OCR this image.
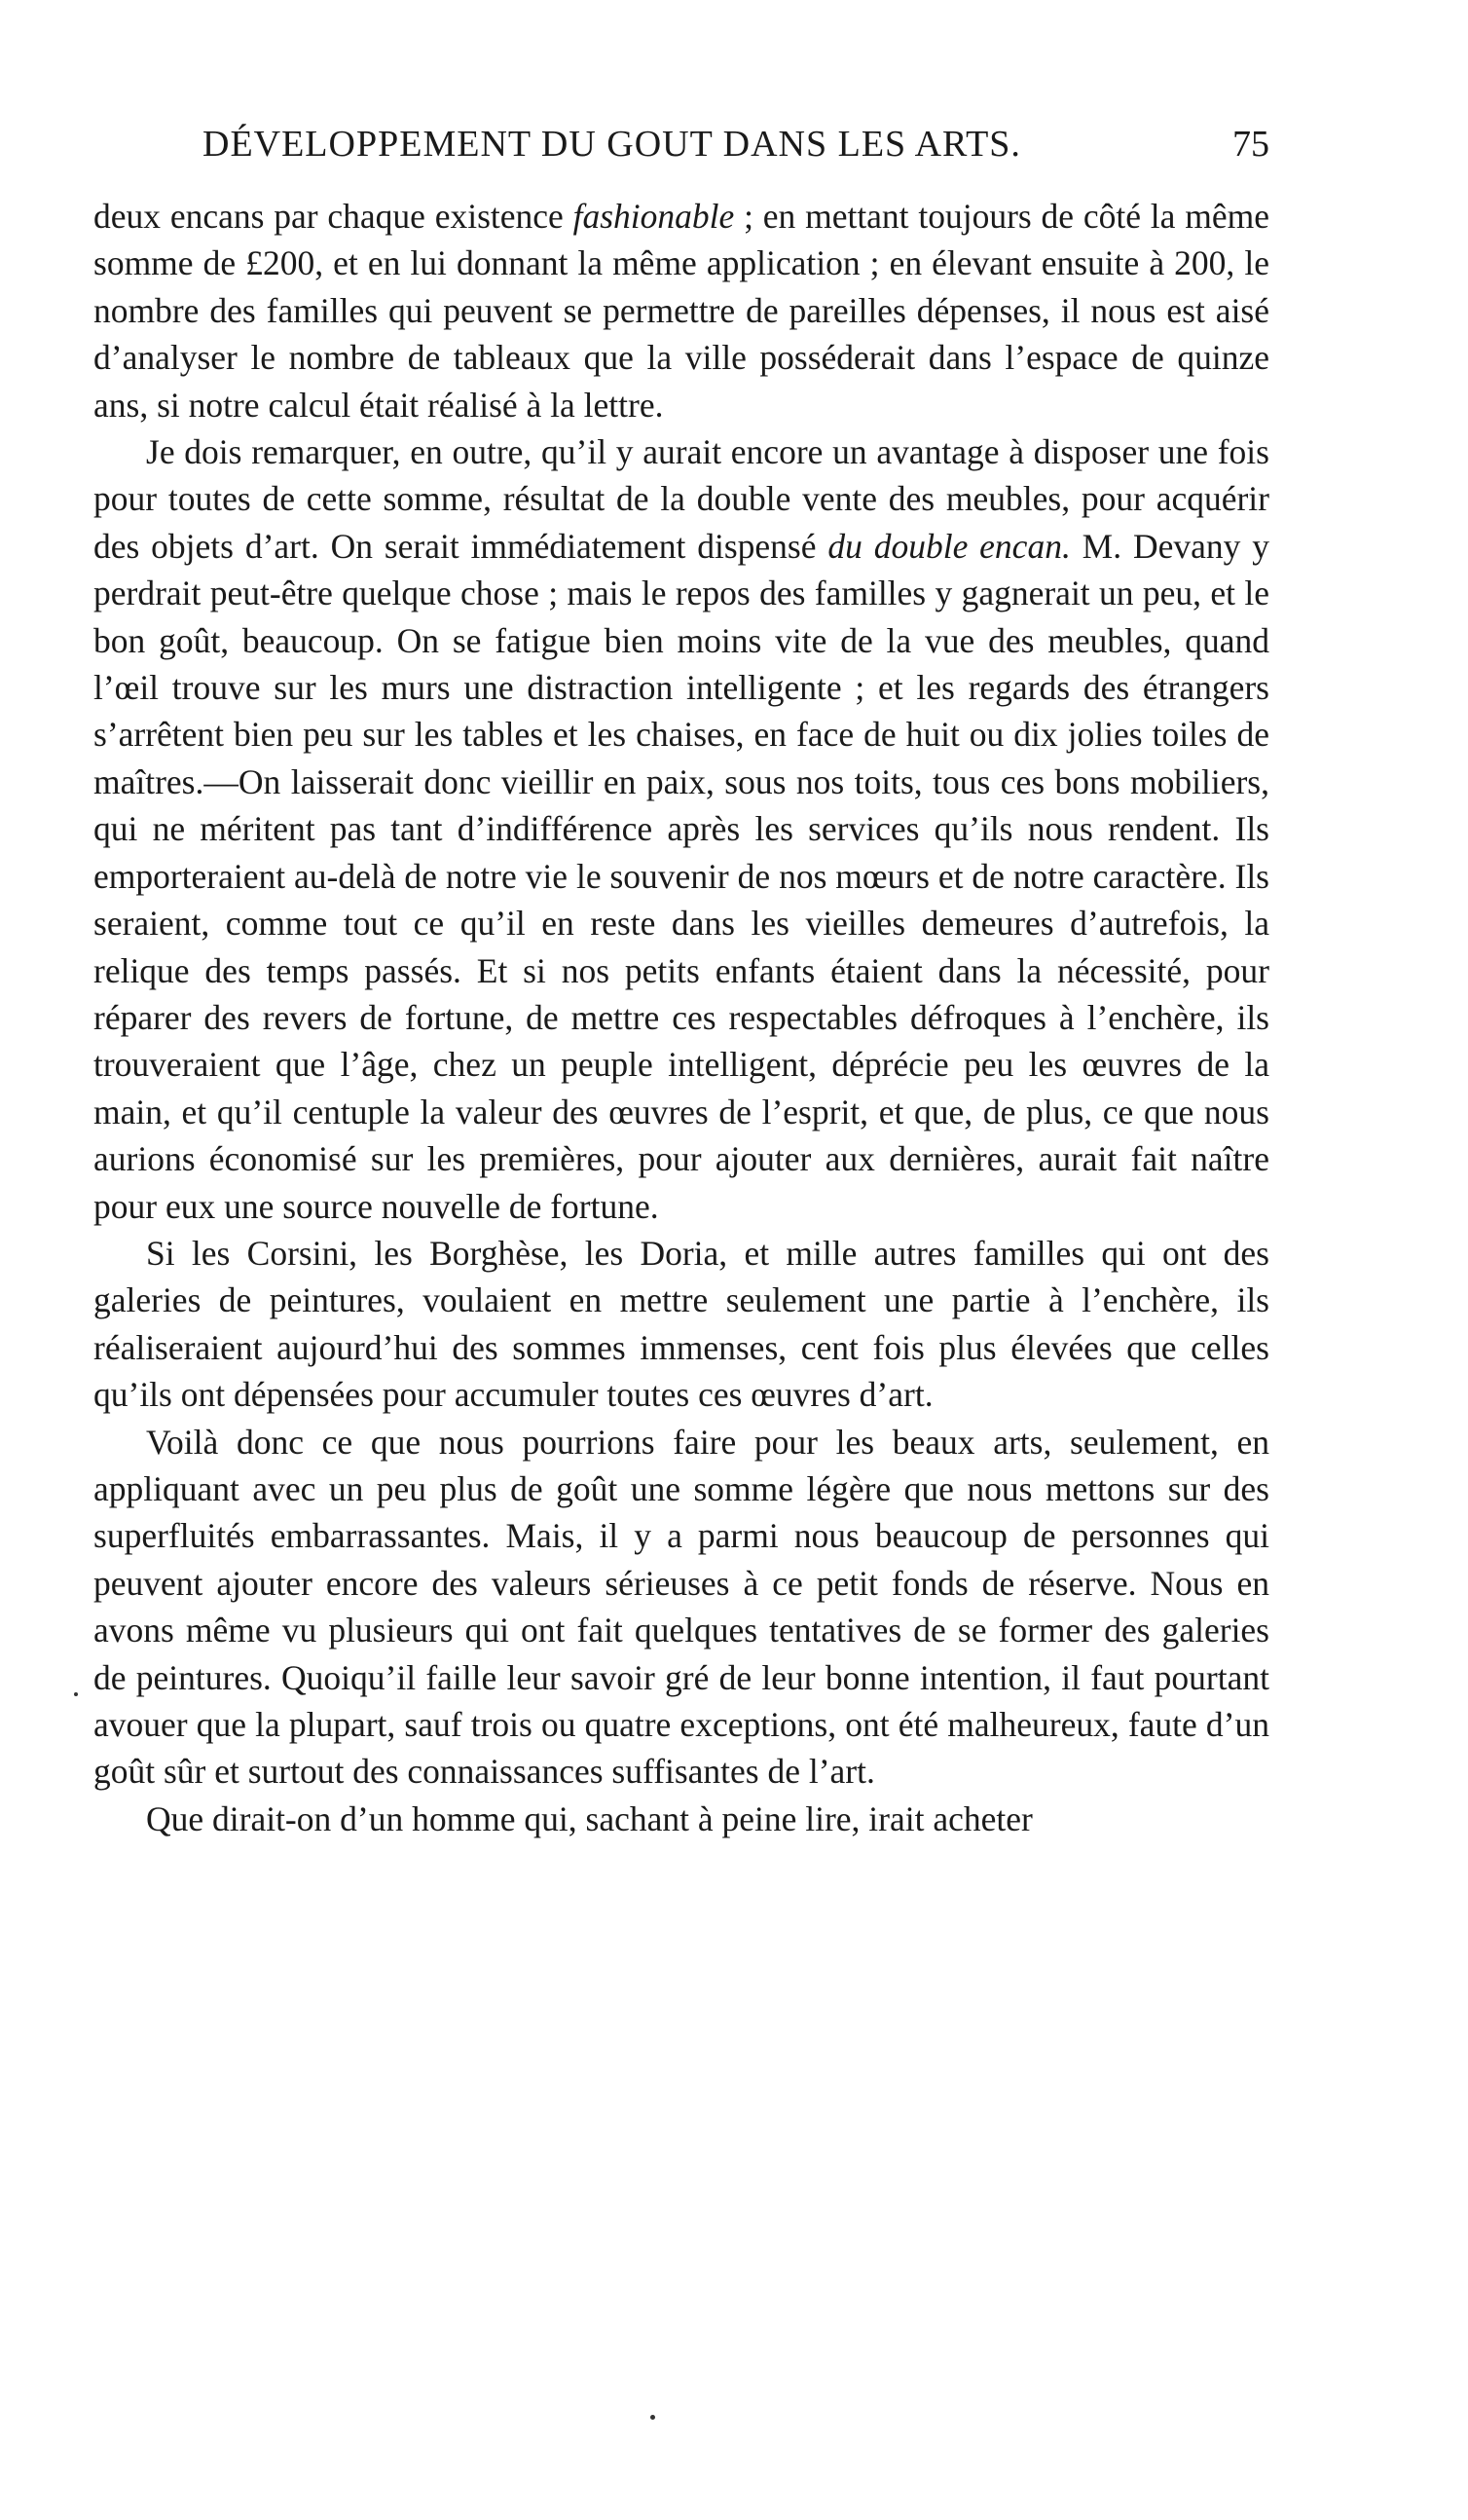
DÉVELOPPEMENT DU GOUT DANS LES ARTS.	75

deux encans par chaque existence fashionable ; en mettant toujours de côté la même somme de £200, et en lui donnant la même application ; en élevant ensuite à 200, le nombre des familles qui peuvent se permettre de pareilles dépenses, il nous est aisé d’analyser le nombre de tableaux que la ville posséderait dans l’espace de quinze ans, si notre calcul était réalisé à la lettre.

Je dois remarquer, en outre, qu’il y aurait encore un avantage à disposer une fois pour toutes de cette somme, résultat de la double vente des meubles, pour acquérir des objets d’art. On serait immédiatement dispensé du double encan. M. Devany y perdrait peut-être quelque chose ; mais le repos des familles y gagnerait un peu, et le bon goût, beaucoup. On se fatigue bien moins vite de la vue des meubles, quand l’œil trouve sur les murs une distraction intelligente ; et les regards des étrangers s’arrêtent bien peu sur les tables et les chaises, en face de huit ou dix jolies toiles de maîtres.—On laisserait donc vieillir en paix, sous nos toits, tous ces bons mobiliers, qui ne méritent pas tant d’indifférence après les services qu’ils nous rendent. Ils emporteraient au-delà de notre vie le souvenir de nos mœurs et de notre caractère. Ils seraient, comme tout ce qu’il en reste dans les vieilles demeures d’autrefois, la relique des temps passés. Et si nos petits enfants étaient dans la nécessité, pour réparer des revers de fortune, de mettre ces respectables défroques à l’enchère, ils trouveraient que l’âge, chez un peuple intelligent, déprécie peu les œuvres de la main, et qu’il centuple la valeur des œuvres de l’esprit, et que, de plus, ce que nous aurions économisé sur les premières, pour ajouter aux dernières, aurait fait naître pour eux une source nouvelle de fortune.

Si les Corsini, les Borghèse, les Doria, et mille autres familles qui ont des galeries de peintures, voulaient en mettre seulement une partie à l’enchère, ils réaliseraient aujourd’hui des sommes immenses, cent fois plus élevées que celles qu’ils ont dépensées pour accumuler toutes ces œuvres d’art.

Voilà donc ce que nous pourrions faire pour les beaux arts, seulement, en appliquant avec un peu plus de goût une somme légère que nous mettons sur des superfluités embarrassantes. Mais, il y a parmi nous beaucoup de personnes qui peuvent ajouter encore des valeurs sérieuses à ce petit fonds de réserve. Nous en avons même vu plusieurs qui ont fait quelques tentatives de se former des galeries de peintures. Quoiqu’il faille leur savoir gré de leur bonne intention, il faut pourtant avouer que la plupart, sauf trois ou quatre exceptions, ont été malheureux, faute d’un goût sûr et surtout des connaissances suffisantes de l’art.

Que dirait-on d’un homme qui, sachant à peine lire, irait acheter
